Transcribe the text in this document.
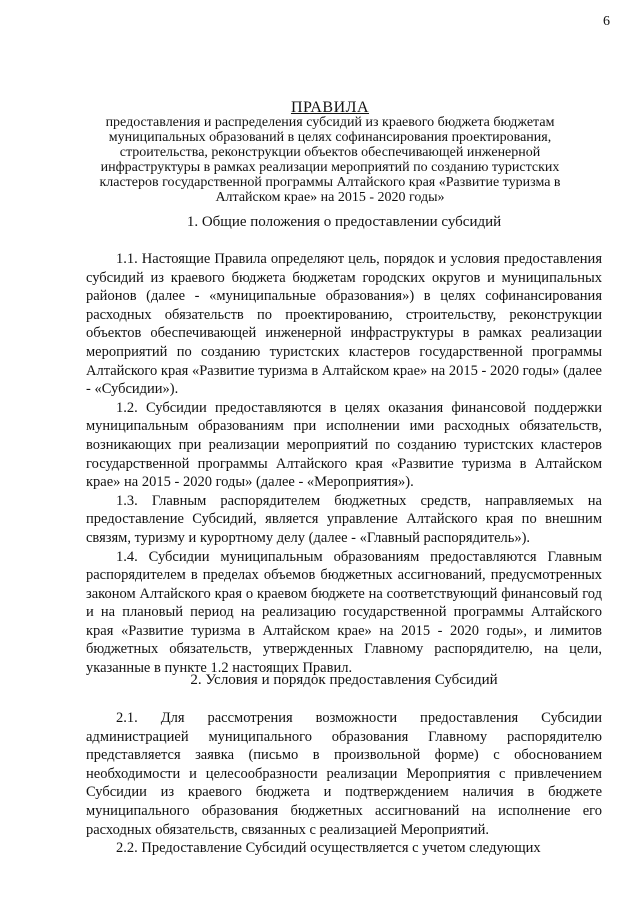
6
ПРАВИЛА
предоставления и распределения субсидий из краевого бюджета бюджетам муниципальных образований в целях софинансирования проектирования, строительства, реконструкции объектов обеспечивающей инженерной инфраструктуры в рамках реализации мероприятий по созданию туристских кластеров государственной программы Алтайского края «Развитие туризма в Алтайском крае» на 2015 - 2020 годы»

1. Общие положения о предоставлении субсидий

1.1. Настоящие Правила определяют цель, порядок и условия предоставления субсидий из краевого бюджета бюджетам городских округов и муниципальных районов (далее - «муниципальные образования») в целях софинансирования расходных обязательств по проектированию, строительству, реконструкции объектов обеспечивающей инженерной инфраструктуры в рамках реализации мероприятий по созданию туристских кластеров государственной программы Алтайского края «Развитие туризма в Алтайском крае» на 2015 - 2020 годы» (далее - «Субсидии»).

1.2. Субсидии предоставляются в целях оказания финансовой поддержки муниципальным образованиям при исполнении ими расходных обязательств, возникающих при реализации мероприятий по созданию туристских кластеров государственной программы Алтайского края «Развитие туризма в Алтайском крае» на 2015 - 2020 годы» (далее - «Мероприятия»).

1.3. Главным распорядителем бюджетных средств, направляемых на предоставление Субсидий, является управление Алтайского края по внешним связям, туризму и курортному делу (далее - «Главный распорядитель»).

1.4. Субсидии муниципальным образованиям предоставляются Главным распорядителем в пределах объемов бюджетных ассигнований, предусмотренных законом Алтайского края о краевом бюджете на соответствующий финансовый год и на плановый период на реализацию государственной программы Алтайского края «Развитие туризма в Алтайском крае» на 2015 - 2020 годы», и лимитов бюджетных обязательств, утвержденных Главному распорядителю, на цели, указанные в пункте 1.2 настоящих Правил.

2. Условия и порядок предоставления Субсидий

2.1. Для рассмотрения возможности предоставления Субсидии администрацией муниципального образования Главному распорядителю представляется заявка (письмо в произвольной форме) с обоснованием необходимости и целесообразности реализации Мероприятия с привлечением Субсидии из краевого бюджета и подтверждением наличия в бюджете муниципального образования бюджетных ассигнований на исполнение его расходных обязательств, связанных с реализацией Мероприятий.

2.2. Предоставление Субсидий осуществляется с учетом следующих
